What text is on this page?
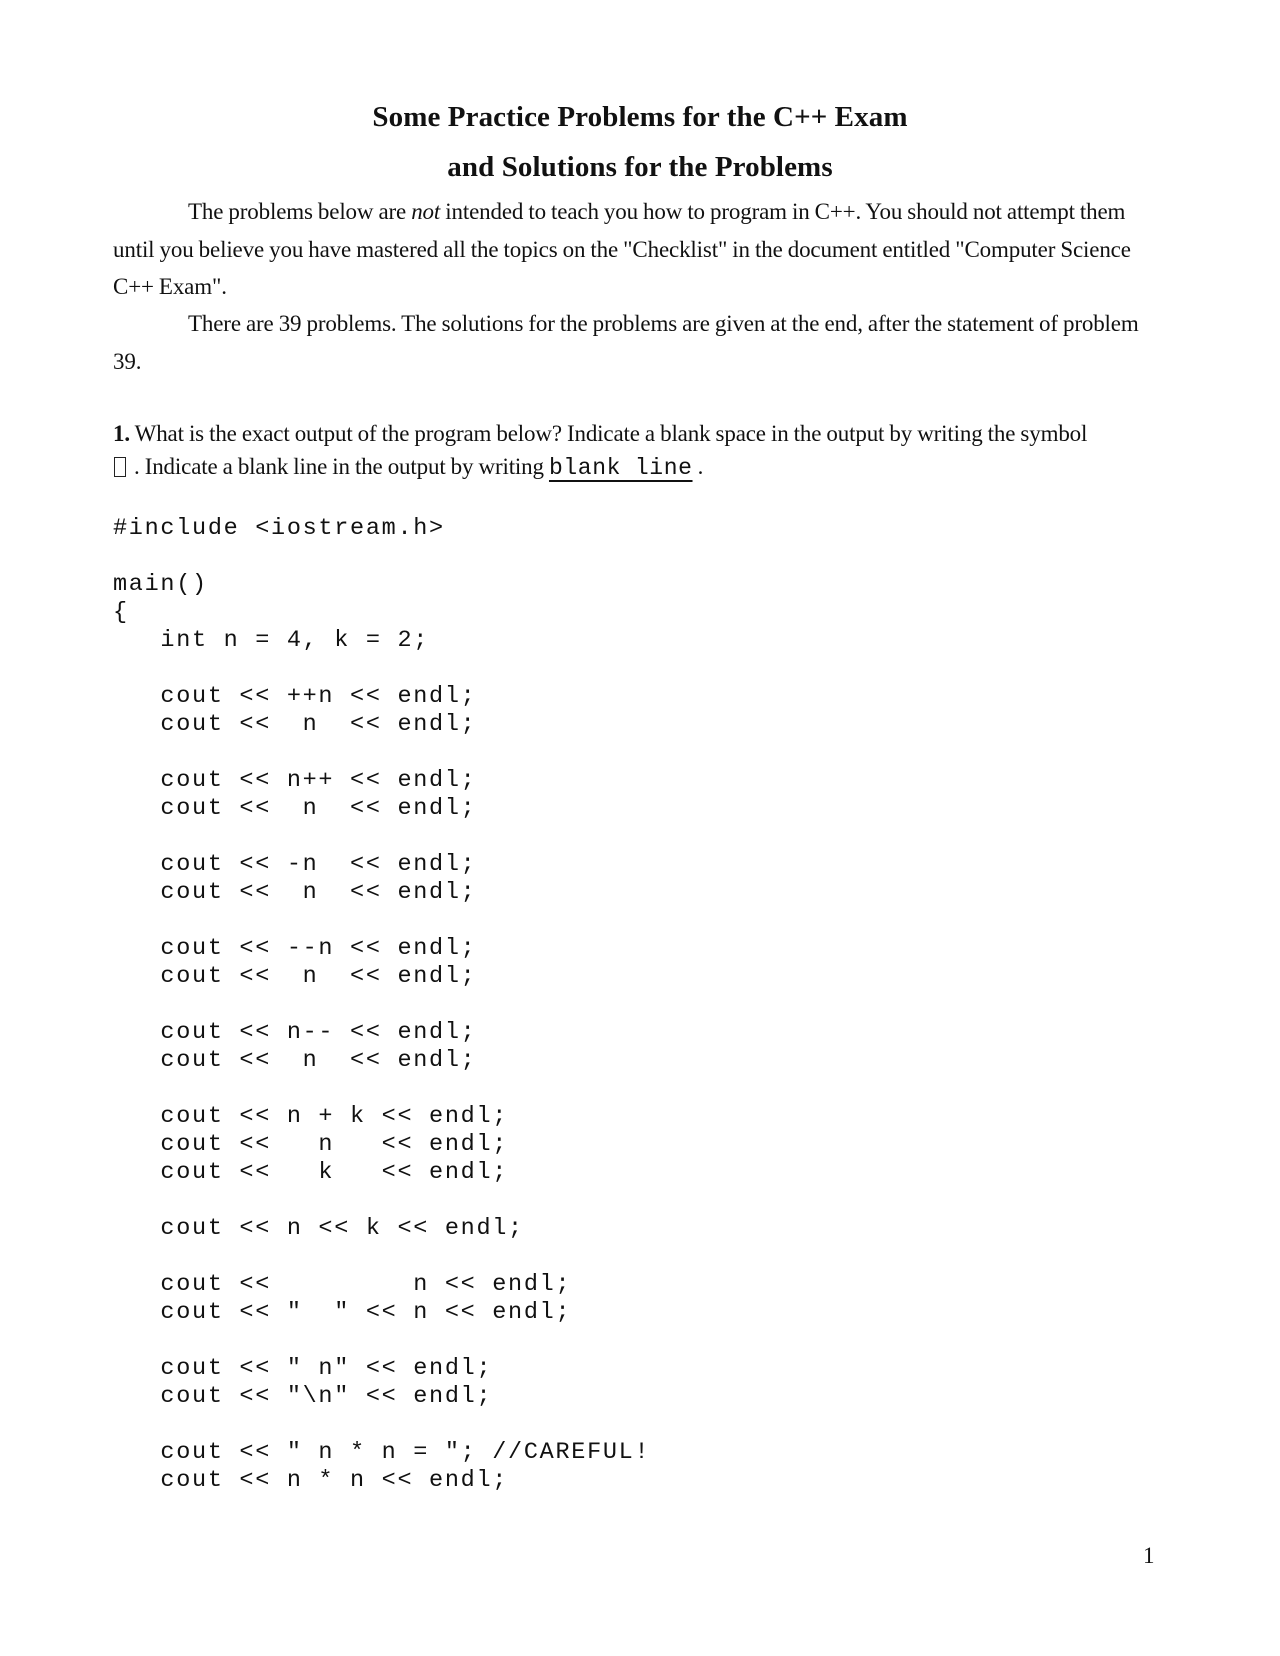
Some Practice Problems for the C++ Exam
and Solutions for the Problems
The problems below are not intended to teach you how to program in C++. You should not attempt them until you believe you have mastered all the topics on the "Checklist" in the document entitled "Computer Science C++ Exam".
There are 39 problems. The solutions for the problems are given at the end, after the statement of problem 39.
1. What is the exact output of the program below? Indicate a blank space in the output by writing the symbol
. Indicate a blank line in the output by writing blank line .
#include <iostream.h>
main()
{
int n = 4, k = 2;
cout << ++n << endl;
cout <<  n  << endl;
cout << n++ << endl;
cout <<  n  << endl;
cout << -n  << endl;
cout <<  n  << endl;
cout << --n << endl;
cout <<  n  << endl;
cout << n-- << endl;
cout <<  n  << endl;
cout << n + k << endl;
cout <<   n   << endl;
cout <<   k   << endl;
cout << n << k << endl;
cout <<         n << endl;
cout << "  " << n << endl;
cout << " n" << endl;
cout << "\n" << endl;
cout << " n * n = "; //CAREFUL!
cout << n * n << endl;
1
